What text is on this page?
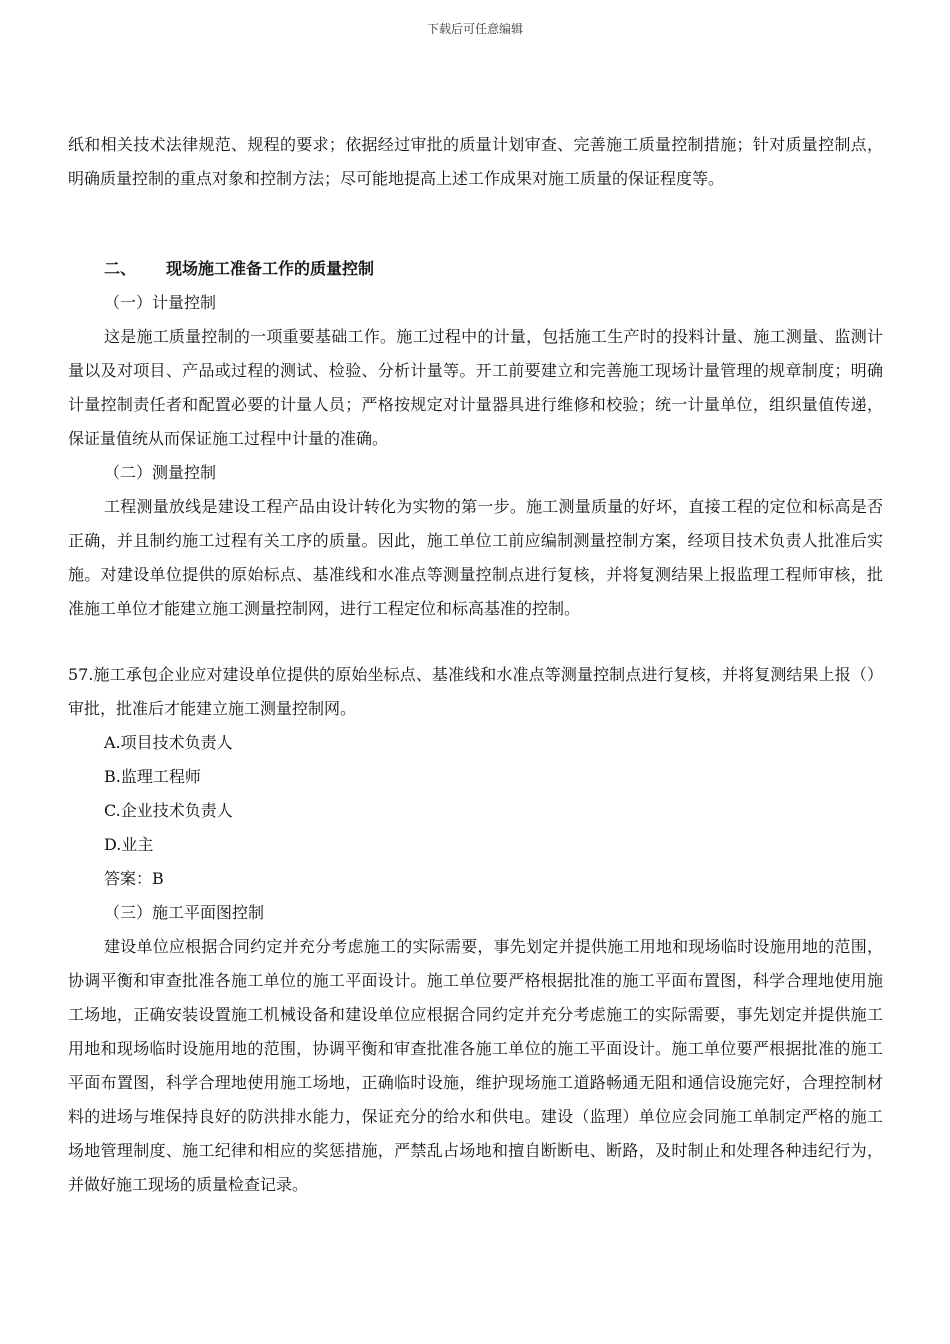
下载后可任意编辑

纸和相关技术法律规范、规程的要求；依据经过审批的质量计划审查、完善施工质量控制措施；针对质量控制点，明确质量控制的重点对象和控制方法；尽可能地提高上述工作成果对施工质量的保证程度等。

二、 现场施工准备工作的质量控制

（一）计量控制

这是施工质量控制的一项重要基础工作。施工过程中的计量，包括施工生产时的投料计量、施工测量、监测计量以及对项目、产品或过程的测试、检验、分析计量等。开工前要建立和完善施工现场计量管理的规章制度；明确计量控制责任者和配置必要的计量人员；严格按规定对计量器具进行维修和校验；统一计量单位，组织量值传递，保证量值统从而保证施工过程中计量的准确。

（二）测量控制

工程测量放线是建设工程产品由设计转化为实物的第一步。施工测量质量的好坏，直接工程的定位和标高是否正确，并且制约施工过程有关工序的质量。因此，施工单位工前应编制测量控制方案，经项目技术负责人批准后实施。对建设单位提供的原始标点、基准线和水准点等测量控制点进行复核，并将复测结果上报监理工程师审核，批准施工单位才能建立施工测量控制网，进行工程定位和标高基准的控制。

57.施工承包企业应对建设单位提供的原始坐标点、基准线和水准点等测量控制点进行复核，并将复测结果上报（）审批，批准后才能建立施工测量控制网。

A.项目技术负责人

B.监理工程师

C.企业技术负责人

D.业主

答案：B

（三）施工平面图控制

建设单位应根据合同约定并充分考虑施工的实际需要，事先划定并提供施工用地和现场临时设施用地的范围，协调平衡和审查批准各施工单位的施工平面设计。施工单位要严格根据批准的施工平面布置图，科学合理地使用施工场地，正确安装设置施工机械设备和建设单位应根据合同约定并充分考虑施工的实际需要，事先划定并提供施工用地和现场临时设施用地的范围，协调平衡和审查批准各施工单位的施工平面设计。施工单位要严根据批准的施工平面布置图，科学合理地使用施工场地，正确临时设施，维护现场施工道路畅通无阻和通信设施完好，合理控制材料的进场与堆保持良好的防洪排水能力，保证充分的给水和供电。建设（监理）单位应会同施工单制定严格的施工场地管理制度、施工纪律和相应的奖惩措施，严禁乱占场地和擅自断断电、断路，及时制止和处理各种违纪行为，并做好施工现场的质量检查记录。
